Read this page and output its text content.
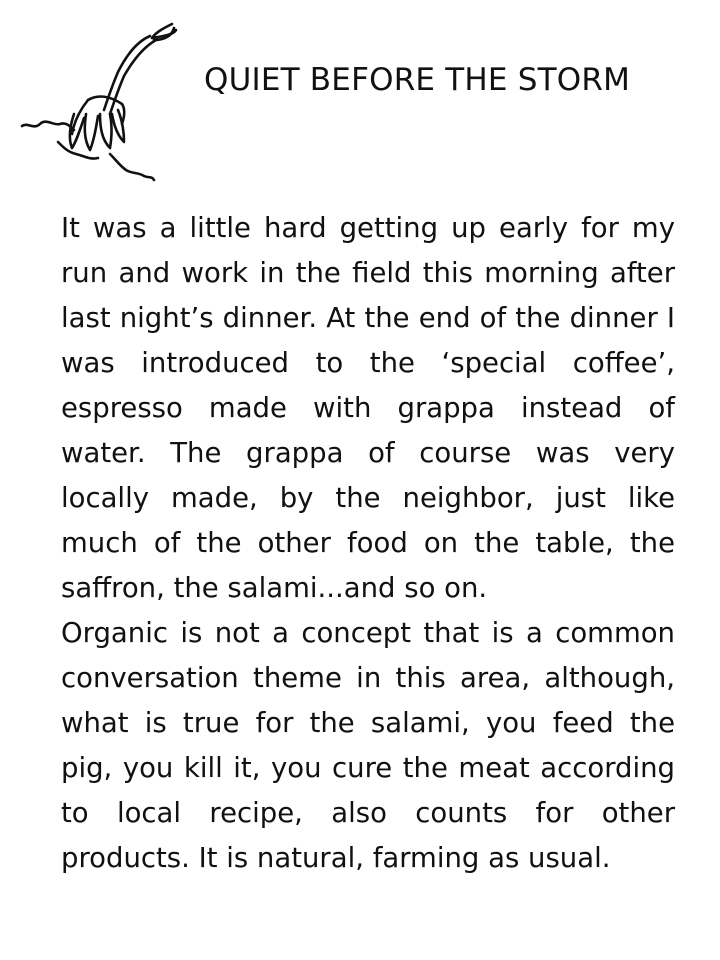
QUIET BEFORE THE STORM

It was a little hard getting up early for my run and work in the field this morning after last night’s dinner. At the end of the dinner I was introduced to the ‘special coffee’, espresso made with grappa instead of water. The grappa of course was very locally made, by the neighbor, just like much of the other food on the table, the saffron, the salami...and so on.

Organic is not a concept that is a common conversation theme in this area, although, what is true for the salami, you feed the pig, you kill it, you cure the meat according to local recipe, also counts for other products. It is natural, farming as usual.
